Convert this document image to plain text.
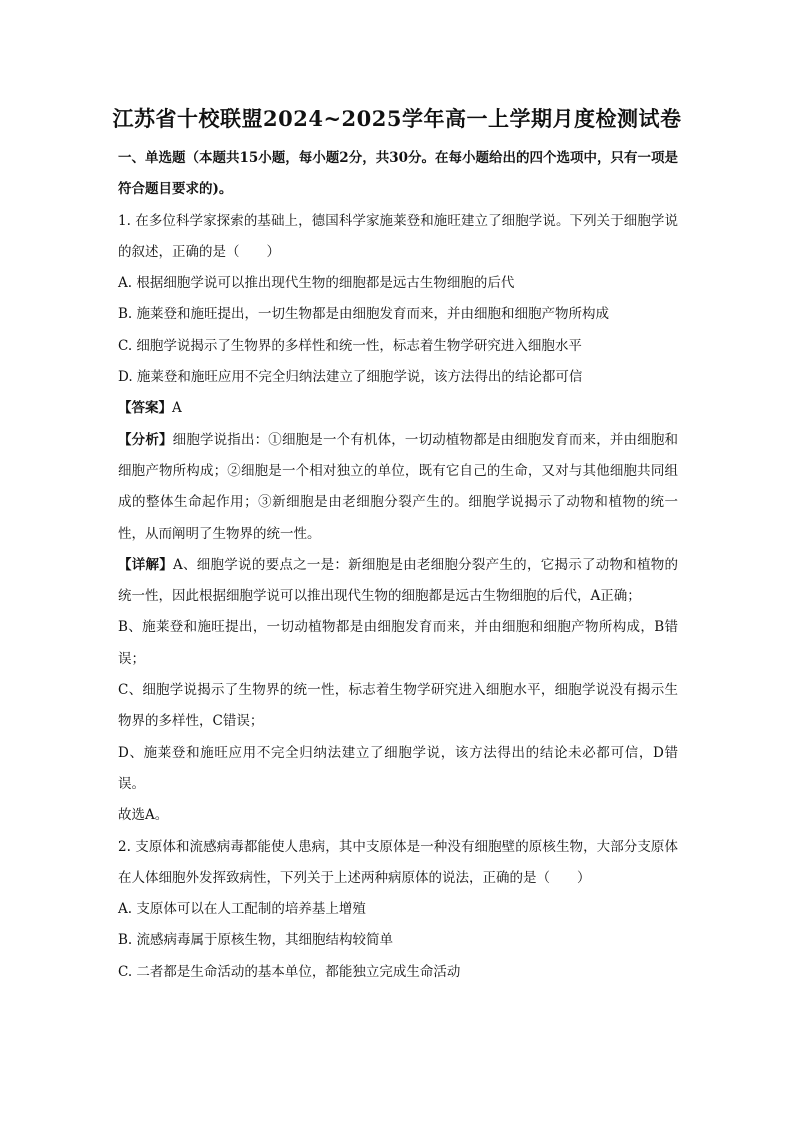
江苏省十校联盟2024~2025学年高一上学期月度检测试卷

一、单选题（本题共15小题，每小题2分，共30分。在每小题给出的四个选项中，只有一项是符合题目要求的)。

1. 在多位科学家探索的基础上，德国科学家施莱登和施旺建立了细胞学说。下列关于细胞学说的叙述，正确的是（　　）

A. 根据细胞学说可以推出现代生物的细胞都是远古生物细胞的后代

B. 施莱登和施旺提出，一切生物都是由细胞发育而来，并由细胞和细胞产物所构成

C. 细胞学说揭示了生物界的多样性和统一性，标志着生物学研究进入细胞水平

D. 施莱登和施旺应用不完全归纳法建立了细胞学说，该方法得出的结论都可信

【答案】A

【分析】细胞学说指出：①细胞是一个有机体，一切动植物都是由细胞发育而来，并由细胞和细胞产物所构成；②细胞是一个相对独立的单位，既有它自己的生命，又对与其他细胞共同组成的整体生命起作用；③新细胞是由老细胞分裂产生的。细胞学说揭示了动物和植物的统一性，从而阐明了生物界的统一性。

【详解】A、细胞学说的要点之一是：新细胞是由老细胞分裂产生的，它揭示了动物和植物的统一性，因此根据细胞学说可以推出现代生物的细胞都是远古生物细胞的后代，A正确；

B、施莱登和施旺提出，一切动植物都是由细胞发育而来，并由细胞和细胞产物所构成，B错误；

C、细胞学说揭示了生物界的统一性，标志着生物学研究进入细胞水平，细胞学说没有揭示生物界的多样性，C错误；

D、施莱登和施旺应用不完全归纳法建立了细胞学说，该方法得出的结论未必都可信，D错误。

故选A。

2. 支原体和流感病毒都能使人患病，其中支原体是一种没有细胞壁的原核生物，大部分支原体在人体细胞外发挥致病性，下列关于上述两种病原体的说法，正确的是（　　）

A. 支原体可以在人工配制的培养基上增殖

B. 流感病毒属于原核生物，其细胞结构较简单

C. 二者都是生命活动的基本单位，都能独立完成生命活动
